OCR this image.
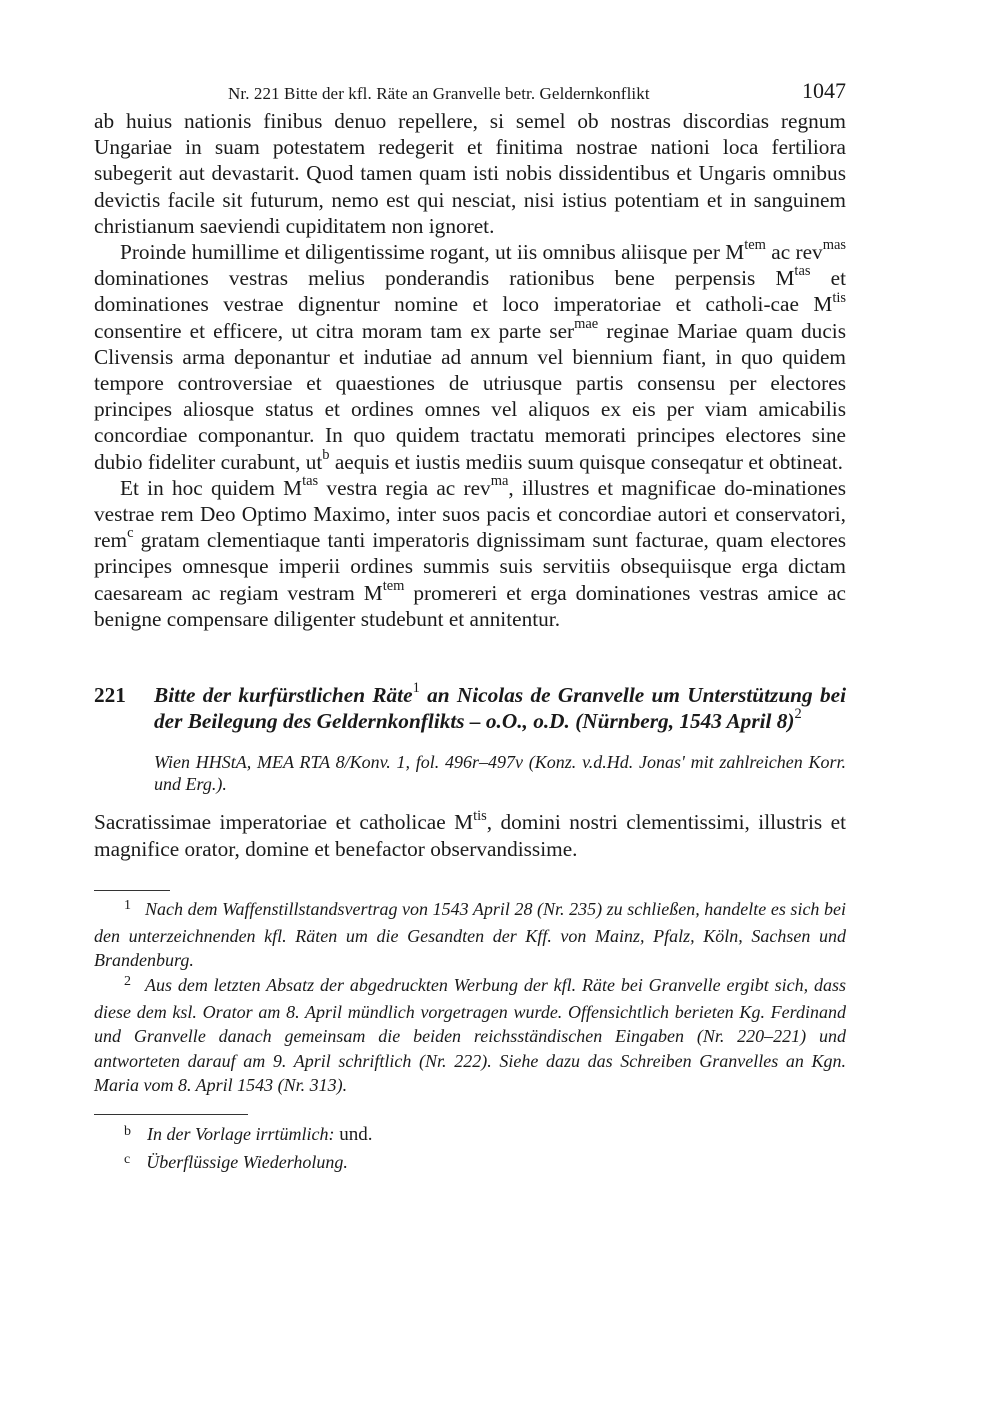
Nr. 221 Bitte der kfl. Räte an Granvelle betr. Geldernkonflikt	1047

ab huius nationis finibus denuo repellere, si semel ob nostras discordias regnum Ungariae in suam potestatem redegerit et finitima nostrae nationi loca fertiliora subegerit aut devastarit. Quod tamen quam isti nobis dissidentibus et Ungaris omnibus devictis facile sit futurum, nemo est qui nesciat, nisi istius potentiam et in sanguinem christianum saeviendi cupiditatem non ignoret.

Proinde humillime et diligentissime rogant, ut iis omnibus aliisque per $M^{tem}$ ac rev$^{mas}$ dominationes vestras melius ponderandis rationibus bene perpensis $M^{tas}$ et dominationes vestrae dignentur nomine et loco imperatoriae et catholi-cae $M^{tis}$ consentire et efficere, ut citra moram tam ex parte ser$^{mae}$ reginae Mariae quam ducis Clivensis arma deponantur et indutiae ad annum vel biennium fiant, in quo quidem tempore controversiae et quaestiones de utriusque partis consensu per electores principes aliosque status et ordines omnes vel aliquos ex eis per viam amicabilis concordiae componantur. In quo quidem tractatu memorati principes electores sine dubio fideliter curabunt, $ut^b$ aequis et iustis mediis suum quisque conseqatur et obtineat.

Et in hoc quidem $M^{tas}$ vestra regia ac rev$^{ma}$, illustres et magnificae do-minationes vestrae rem Deo Optimo Maximo, inter suos pacis et concordiae autori et conservatori, rem$^c$ gratam clementiaque tanti imperatoris dignissimam sunt facturae, quam electores principes omnesque imperii ordines summis suis servitiis obsequiisque erga dictam caesaream ac regiam vestram $M^{tem}$ promereri et erga dominationes vestras amice ac benigne compensare diligenter studebunt et annitentur.

221 Bitte der kurfürstlichen Räte$^1$ an Nicolas de Granvelle um Unterstützung bei der Beilegung des Geldernkonflikts – o.O., o.D. (Nürnberg, 1543 April 8)$^2$
Wien HHStA, MEA RTA 8/Konv. 1, fol. 496r–497v (Konz. v.d.Hd. Jonas' mit zahlreichen Korr. und Erg.).
Sacratissimae imperatoriae et catholicae $M^{tis}$, domini nostri clementissimi, illustris et magnifice orator, domine et benefactor observandissime.
$^1$ Nach dem Waffenstillstandsvertrag von 1543 April 28 (Nr. 235) zu schließen, handelte es sich bei den unterzeichnenden kfl. Räten um die Gesandten der Kff. von Mainz, Pfalz, Köln, Sachsen und Brandenburg.
$^2$ Aus dem letzten Absatz der abgedruckten Werbung der kfl. Räte bei Granvelle ergibt sich, dass diese dem ksl. Orator am 8. April mündlich vorgetragen wurde. Offensichtlich berieten Kg. Ferdinand und Granvelle danach gemeinsam die beiden reichsständischen Eingaben (Nr. 220–221) und antworteten darauf am 9. April schriftlich (Nr. 222). Siehe dazu das Schreiben Granvelles an Kgn. Maria vom 8. April 1543 (Nr. 313).
$^b$ In der Vorlage irrtümlich: und.
$^c$ Überflüssige Wiederholung.
